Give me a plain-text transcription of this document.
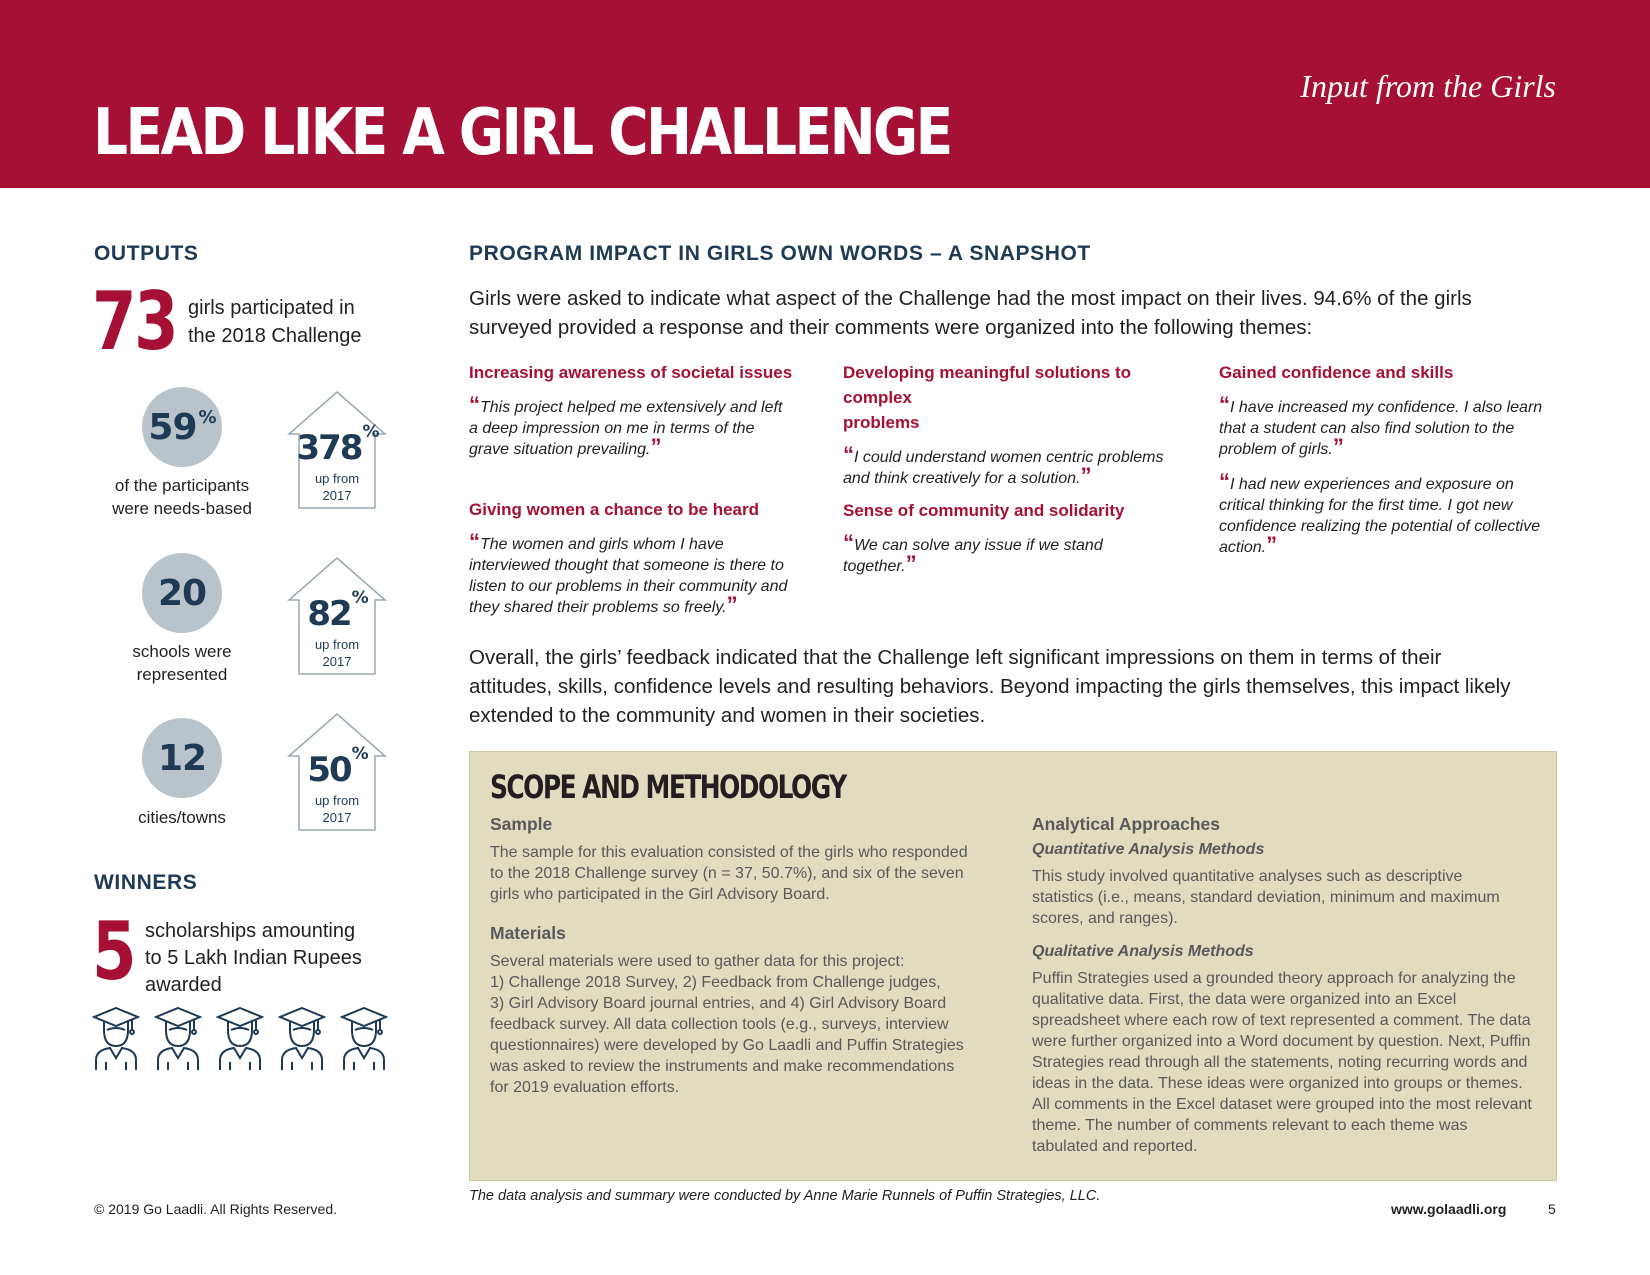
Input from the Girls
LEAD LIKE A GIRL CHALLENGE
OUTPUTS
73 girls participated in
the 2018 Challenge
59%
of the participants
were needs-based
378%
up from
2017
20
schools were
represented
82%
up from
2017
12
cities/towns
50%
up from
2017
WINNERS
5 scholarships amounting
to 5 Lakh Indian Rupees
awarded
PROGRAM IMPACT IN GIRLS OWN WORDS – A SNAPSHOT
Girls were asked to indicate what aspect of the Challenge had the most impact on their lives. 94.6% of the girls
surveyed provided a response and their comments were organized into the following themes:
Increasing awareness of societal issues
“This project helped me extensively and left
a deep impression on me in terms of the
grave situation prevailing.”
Developing meaningful solutions to complex
problems
“I could understand women centric problems
and think creatively for a solution.”
Gained confidence and skills
“I have increased my confidence. I also learn
that a student can also find solution to the
problem of girls.”
“I had new experiences and exposure on
critical thinking for the first time. I got new
confidence realizing the potential of collective
action.”
Giving women a chance to be heard
“The women and girls whom I have
interviewed thought that someone is there to
listen to our problems in their community and
they shared their problems so freely.”
Sense of community and solidarity
“We can solve any issue if we stand
together.”
Overall, the girls’ feedback indicated that the Challenge left significant impressions on them in terms of their
attitudes, skills, confidence levels and resulting behaviors. Beyond impacting the girls themselves, this impact likely
extended to the community and women in their societies.
SCOPE AND METHODOLOGY
Sample

The sample for this evaluation consisted of the girls who responded
to the 2018 Challenge survey (n = 37, 50.7%), and six of the seven
girls who participated in the Girl Advisory Board.

Materials

Several materials were used to gather data for this project:
1) Challenge 2018 Survey, 2) Feedback from Challenge judges,
3) Girl Advisory Board journal entries, and 4) Girl Advisory Board
feedback survey. All data collection tools (e.g., surveys, interview
questionnaires) were developed by Go Laadli and Puffin Strategies
was asked to review the instruments and make recommendations
for 2019 evaluation efforts.

Analytical Approaches
Quantitative Analysis Methods

This study involved quantitative analyses such as descriptive
statistics (i.e., means, standard deviation, minimum and maximum
scores, and ranges).

Qualitative Analysis Methods

Puffin Strategies used a grounded theory approach for analyzing the
qualitative data. First, the data were organized into an Excel
spreadsheet where each row of text represented a comment. The data
were further organized into a Word document by question. Next, Puffin
Strategies read through all the statements, noting recurring words and
ideas in the data. These ideas were organized into groups or themes.
All comments in the Excel dataset were grouped into the most relevant
theme. The number of comments relevant to each theme was
tabulated and reported.

The data analysis and summary were conducted by Anne Marie Runnels of Puffin Strategies, LLC.
© 2019 Go Laadli. All Rights Reserved.	www.golaadli.org	5
